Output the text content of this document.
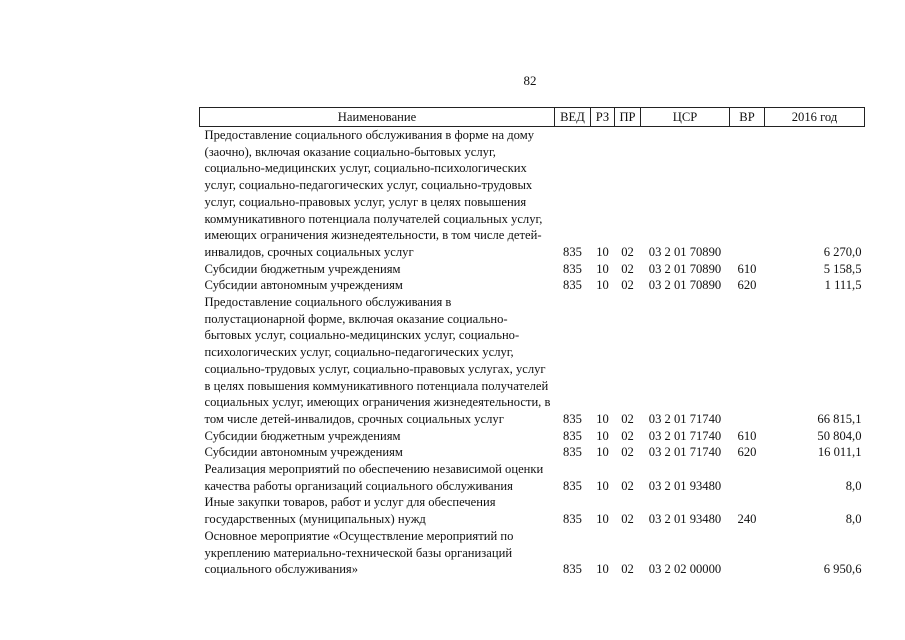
82
Наименование	ВЕД	РЗ	ПР	ЦСР	ВР	2016 год
Предоставление социального обслуживания в форме на дому (заочно), включая оказание социально-бытовых услуг, социально-медицинских услуг, социально-психологических услуг, социально-педагогических услуг, социально-трудовых услуг, социально-правовых услуг, услуг в целях повышения коммуникативного потенциала получателей социальных услуг, имеющих ограничения жизнедеятельности, в том числе детей-инвалидов, срочных социальных услуг	835	10	02	03 2 01 70890		6 270,0
Субсидии бюджетным учреждениям	835	10	02	03 2 01 70890	610	5 158,5
Субсидии автономным учреждениям	835	10	02	03 2 01 70890	620	1 111,5
Предоставление социального обслуживания в полустационарной форме, включая оказание социально-бытовых услуг, социально-медицинских услуг, социально-психологических услуг, социально-педагогических услуг, социально-трудовых услуг, социально-правовых услугах, услуг в целях повышения коммуникативного потенциала получателей социальных услуг, имеющих ограничения жизнедеятельности, в том числе детей-инвалидов, срочных социальных услуг	835	10	02	03 2 01 71740		66 815,1
Субсидии бюджетным учреждениям	835	10	02	03 2 01 71740	610	50 804,0
Субсидии автономным учреждениям	835	10	02	03 2 01 71740	620	16 011,1
Реализация мероприятий по обеспечению независимой оценки качества работы организаций социального обслуживания	835	10	02	03 2 01 93480		8,0
Иные закупки товаров, работ и услуг для обеспечения государственных (муниципальных) нужд	835	10	02	03 2 01 93480	240	8,0
Основное мероприятие «Осуществление мероприятий по укреплению материально-технической базы организаций социального обслуживания»	835	10	02	03 2 02 00000		6 950,6
